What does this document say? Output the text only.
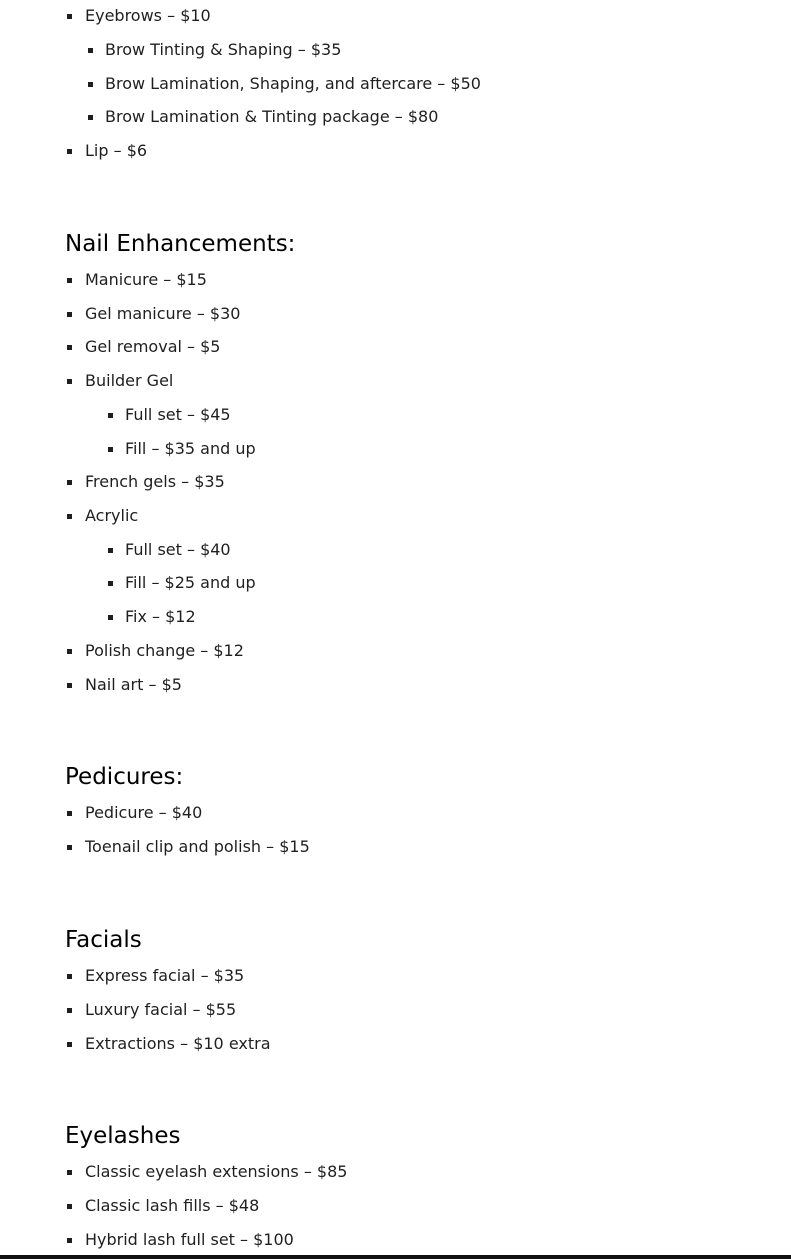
Eyebrows – $10
Brow Tinting & Shaping – $35
Brow Lamination, Shaping, and aftercare – $50
Brow Lamination & Tinting package – $80
Lip – $6
Nail Enhancements:
Manicure – $15
Gel manicure – $30
Gel removal – $5
Builder Gel
Full set – $45
Fill – $35 and up
French gels – $35
Acrylic
Full set – $40
Fill – $25 and up
Fix – $12
Polish change – $12
Nail art – $5
Pedicures:
Pedicure – $40
Toenail clip and polish – $15
Facials
Express facial – $35
Luxury facial – $55
Extractions – $10 extra
Eyelashes
Classic eyelash extensions – $85
Classic lash fills – $48
Hybrid lash full set – $100
